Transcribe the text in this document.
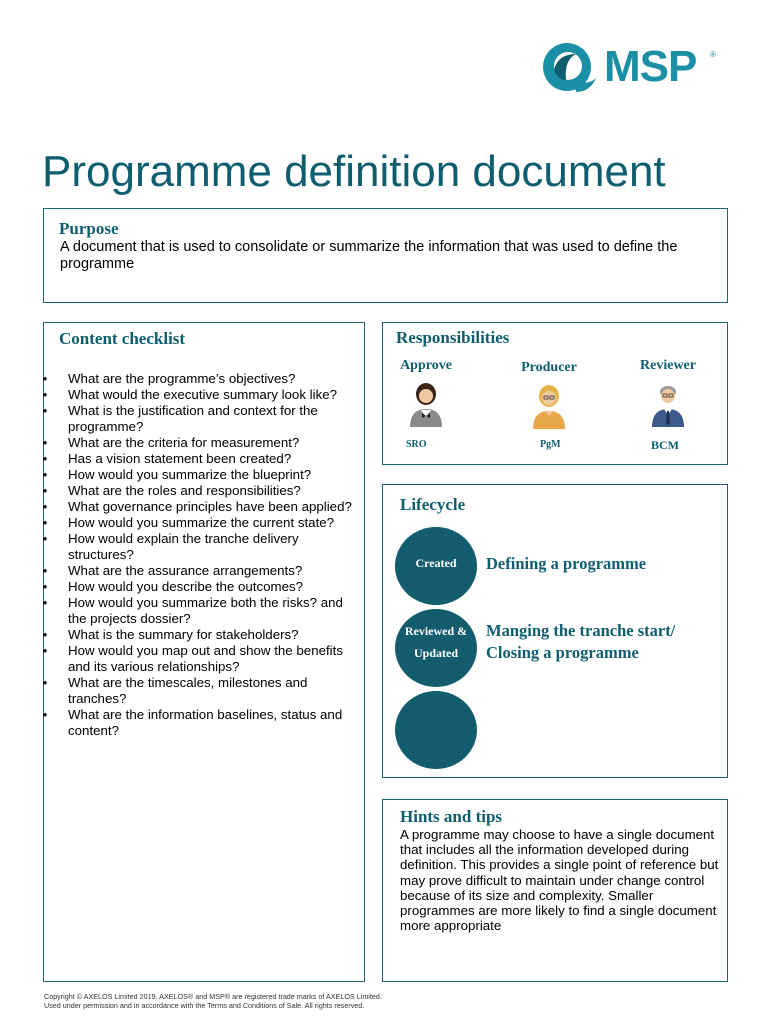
MSP ®
Programme definition document
Purpose
A document that is used to consolidate or summarize the information that was used to define the programme
Content checklist
• What are the programme’s objectives?
• What would the executive summary look like?
• What is the justification and context for the programme?
• What are the criteria for measurement?
• Has a vision statement been created?
• How would you summarize the blueprint?
• What are the roles and responsibilities?
• What governance principles have been applied?
• How would you summarize the current state?
• How would explain the tranche delivery structures?
• What are the assurance arrangements?
• How would you describe the outcomes?
• How would you summarize both the risks? and the projects dossier?
• What is the summary for stakeholders?
• How would you map out and show the benefits and its various relationships?
• What are the timescales, milestones and tranches?
• What are the information baselines, status and content?
Responsibilities
Approve
SRO
Producer
PgM
Reviewer
BCM
Lifecycle
Created	Defining a programme
Reviewed &
Updated
Manging the tranche start/
Closing a programme
Hints and tips
A programme may choose to have a single document that includes all the information developed during definition. This provides a single point of reference but may prove difficult to maintain under change control because of its size and complexity. Smaller programmes are more likely to find a single document more appropriate
Copyright © AXELOS Limited 2019. AXELOS® and MSP® are registered trade marks of AXELOS Limited.
Used under permission and in accordance with the Terms and Conditions of Sale. All rights reserved.
